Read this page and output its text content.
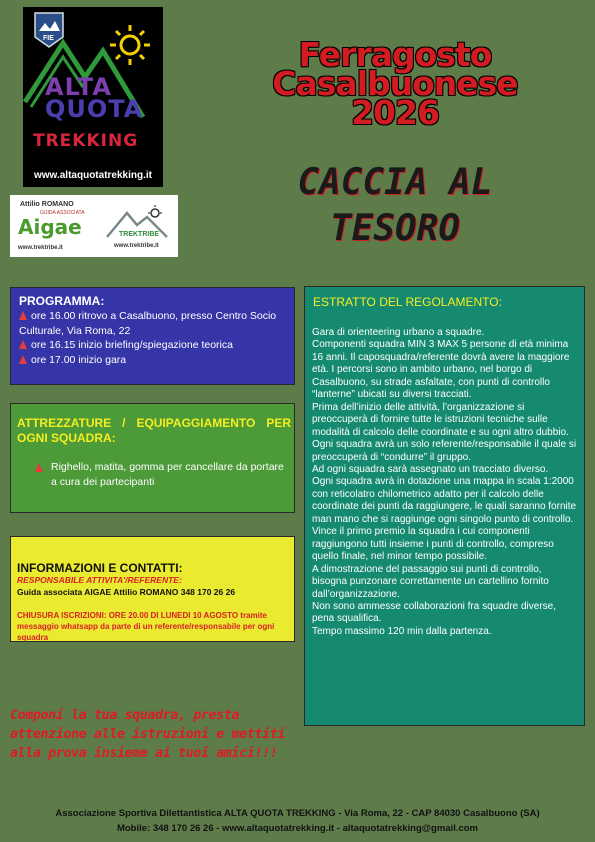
FIE
ALTA
QUOTA
TREKKING
www.altaquotatrekking.it
Attilio ROMANO
GUIDA ASSOCIATA
Aigae
www.trektribe.it
TREKTRIBE
www.trektribe.it
Ferragosto
Casalbuonese
2026
CACCIA AL
TESORO
PROGRAMMA:
ore 16.00 ritrovo a Casalbuono, presso Centro Socio Culturale, Via Roma, 22
ore 16.15 inizio briefing/spiegazione teorica
ore 17.00 inizio gara
ATTREZZATURE / EQUIPAGGIAMENTO PER OGNI SQUADRA:
Righello, matita, gomma per cancellare da portare a cura dei partecipanti
INFORMAZIONI E CONTATTI:
RESPONSABILE ATTIVITA'/REFERENTE:
Guida associata AIGAE Attilio ROMANO 348 170 26 26
CHIUSURA ISCRIZIONI: ORE 20.00 DI LUNEDI 10 AGOSTO tramite messaggio whatsapp da parte di un referente/responsabile per ogni squadra
ESTRATTO DEL REGOLAMENTO:

Gara di orienteering urbano a squadre.

Componenti squadra MIN 3 MAX 5 persone di età minima 16 anni. Il caposquadra/referente dovrà avere la maggiore età. I percorsi sono in ambito urbano, nel borgo di Casalbuono, su strade asfaltate, con punti di controllo “lanterne” ubicati su diversi tracciati.

Prima dell’inizio delle attività, l’organizzazione si preoccuperà di fornire tutte le istruzioni tecniche sulle modalità di calcolo delle coordinate e su ogni altro dubbio.

Ogni squadra avrà un solo referente/responsabile il quale si preoccuperà di “condurre” il gruppo.

Ad ogni squadra sarà assegnato un tracciato diverso.

Ogni squadra avrà in dotazione una mappa in scala 1:2000 con reticolatro chilometrico adatto per il calcolo delle coordinate dei punti da raggiungere, le quali saranno fornite man mano che si raggiunge ogni singolo punto di controllo.

Vince il primo premio la squadra i cui componenti raggiungono tutti insieme i punti di controllo, compreso quello finale, nel minor tempo possibile.

A dimostrazione del passaggio sui punti di controllo, bisogna punzonare correttamente un cartellino fornito dall’organizzazione.

Non sono ammesse collaborazioni fra squadre diverse, pena squalifica.

Tempo massimo 120 min dalla partenza.

Componi la tua squadra, presta attenzione alle istruzioni e mettiti alla prova insieme ai tuoi amici!!!
Associazione Sportiva Dilettantistica ALTA QUOTA TREKKING - Via Roma, 22 - CAP 84030 Casalbuono (SA)
Mobile: 348 170 26 26 - www.altaquotatrekking.it - altaquotatrekking@gmail.com
